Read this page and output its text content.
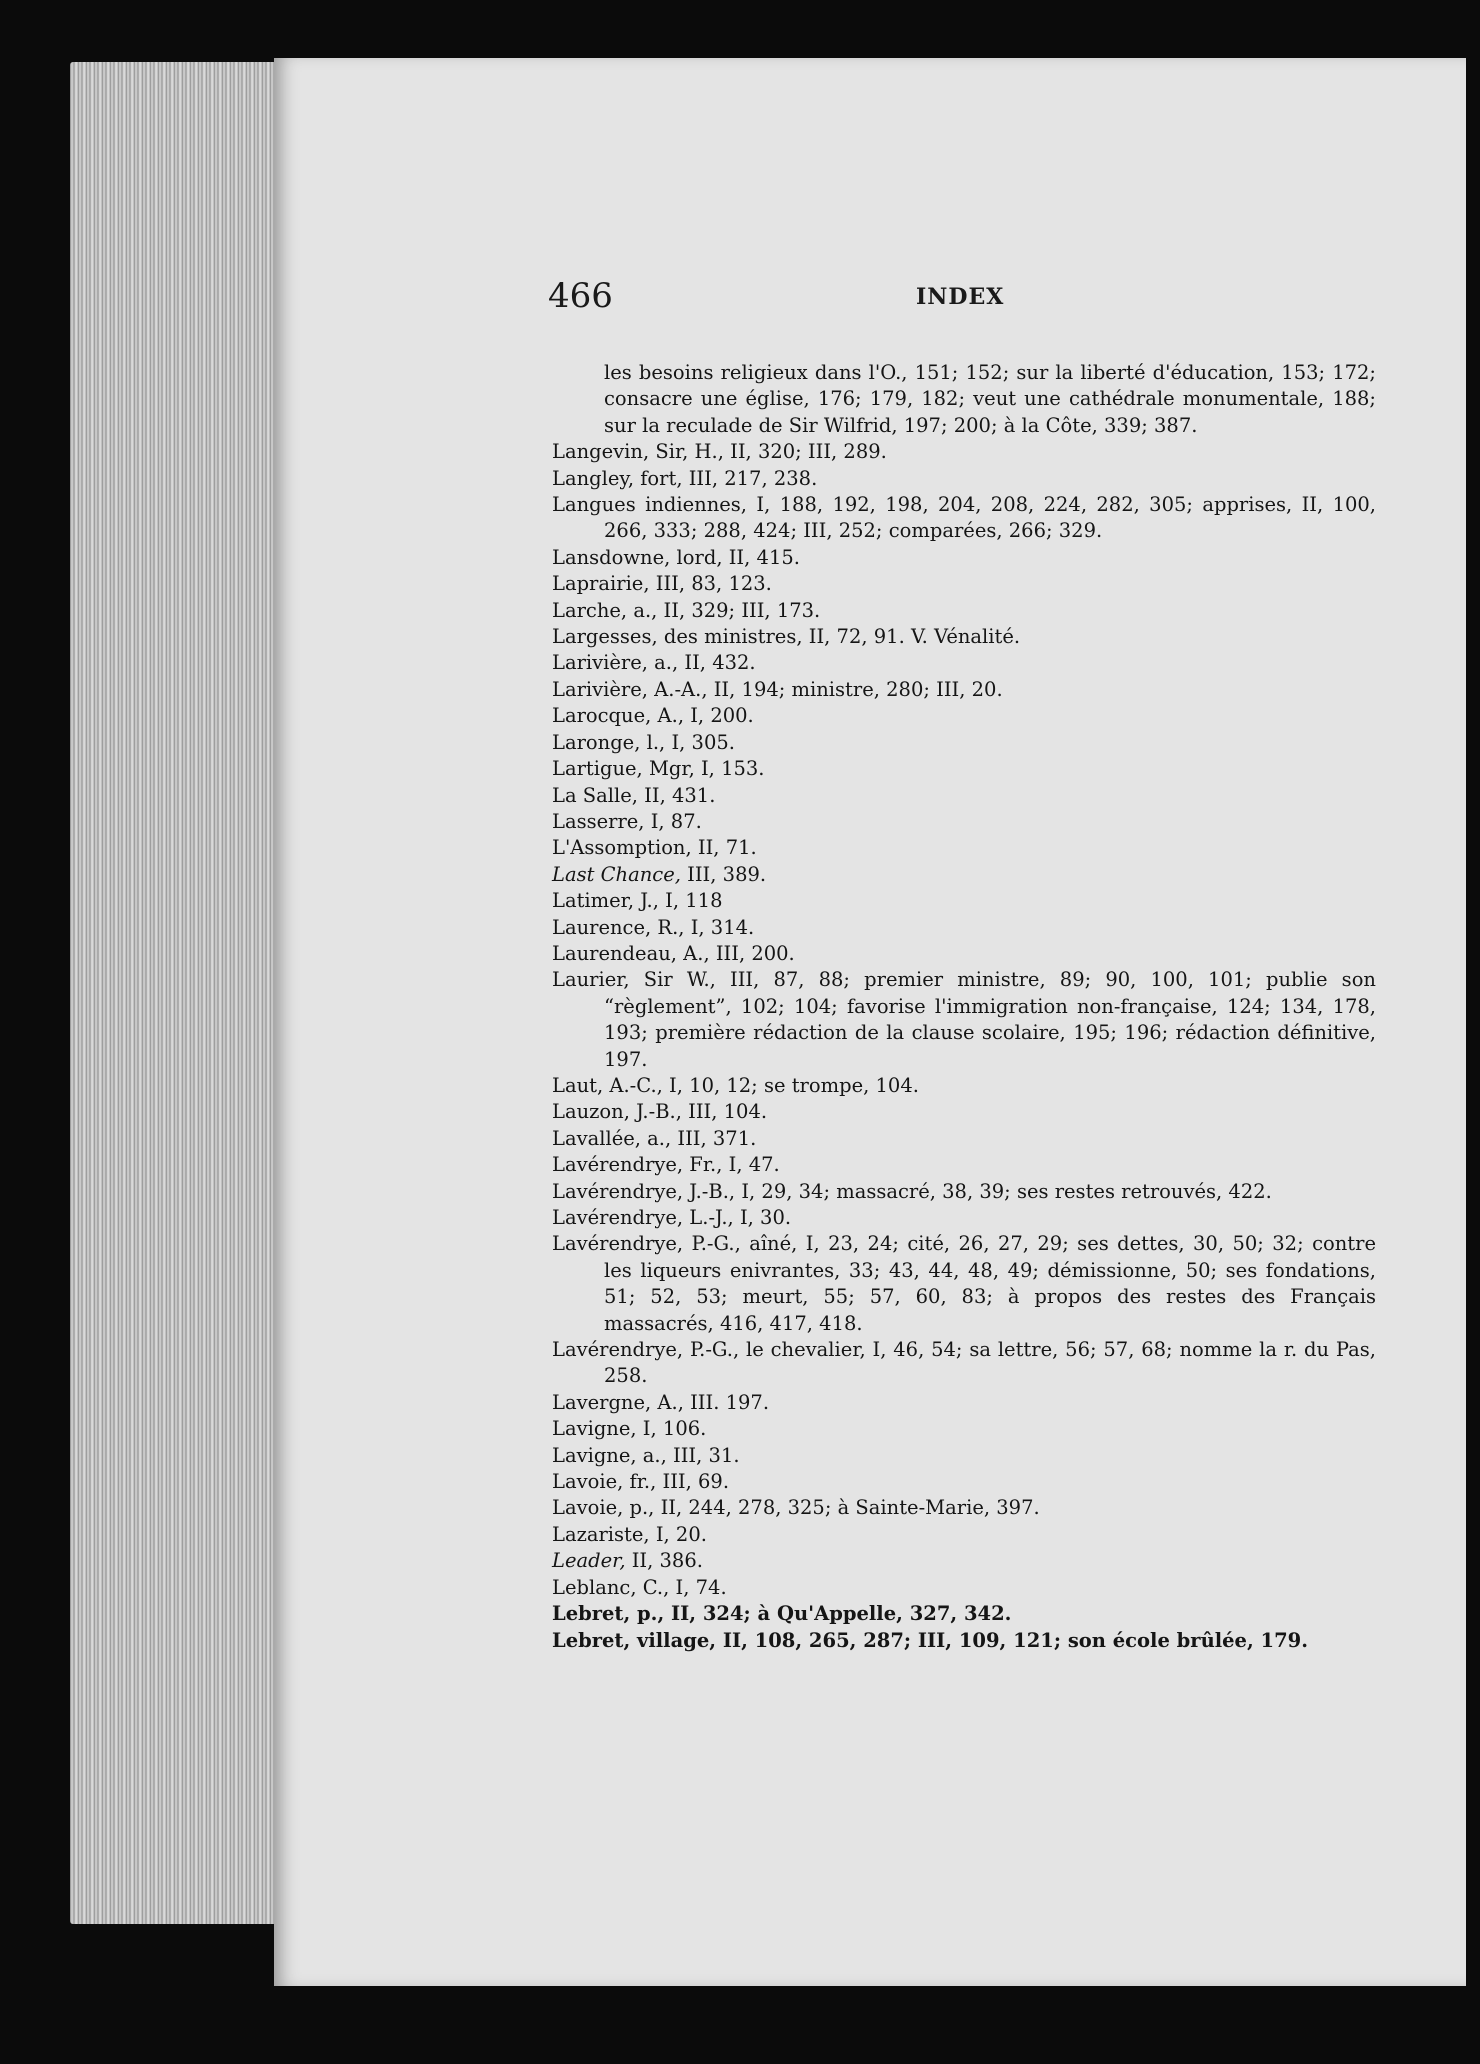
466	INDEX
les besoins religieux dans l'O., 151; 152; sur la liberté d'éducation, 153; 172; consacre une église, 176; 179, 182; veut une cathédrale monumentale, 188; sur la reculade de Sir Wilfrid, 197; 200; à la Côte, 339; 387.
Langevin, Sir, H., II, 320; III, 289.
Langley, fort, III, 217, 238.
Langues indiennes, I, 188, 192, 198, 204, 208, 224, 282, 305; apprises, II, 100, 266, 333; 288, 424; III, 252; comparées, 266; 329.
Lansdowne, lord, II, 415.
Laprairie, III, 83, 123.
Larche, a., II, 329; III, 173.
Largesses, des ministres, II, 72, 91. V. Vénalité.
Larivière, a., II, 432.
Larivière, A.-A., II, 194; ministre, 280; III, 20.
Larocque, A., I, 200.
Laronge, l., I, 305.
Lartigue, Mgr, I, 153.
La Salle, II, 431.
Lasserre, I, 87.
L'Assomption, II, 71.
Last Chance, III, 389.
Latimer, J., I, 118
Laurence, R., I, 314.
Laurendeau, A., III, 200.
Laurier, Sir W., III, 87, 88; premier ministre, 89; 90, 100, 101; publie son “règlement”, 102; 104; favorise l'immigration non-française, 124; 134, 178, 193; première rédaction de la clause scolaire, 195; 196; rédaction définitive, 197.
Laut, A.-C., I, 10, 12; se trompe, 104.
Lauzon, J.-B., III, 104.
Lavallée, a., III, 371.
Lavérendrye, Fr., I, 47.
Lavérendrye, J.-B., I, 29, 34; massacré, 38, 39; ses restes retrouvés, 422.
Lavérendrye, L.-J., I, 30.
Lavérendrye, P.-G., aîné, I, 23, 24; cité, 26, 27, 29; ses dettes, 30, 50; 32; contre les liqueurs enivrantes, 33; 43, 44, 48, 49; démissionne, 50; ses fondations, 51; 52, 53; meurt, 55; 57, 60, 83; à propos des restes des Français massacrés, 416, 417, 418.
Lavérendrye, P.-G., le chevalier, I, 46, 54; sa lettre, 56; 57, 68; nomme la r. du Pas, 258.
Lavergne, A., III. 197.
Lavigne, I, 106.
Lavigne, a., III, 31.
Lavoie, fr., III, 69.
Lavoie, p., II, 244, 278, 325; à Sainte-Marie, 397.
Lazariste, I, 20.
Leader, II, 386.
Leblanc, C., I, 74.
Lebret, p., II, 324; à Qu'Appelle, 327, 342.
Lebret, village, II, 108, 265, 287; III, 109, 121; son école brûlée, 179.
